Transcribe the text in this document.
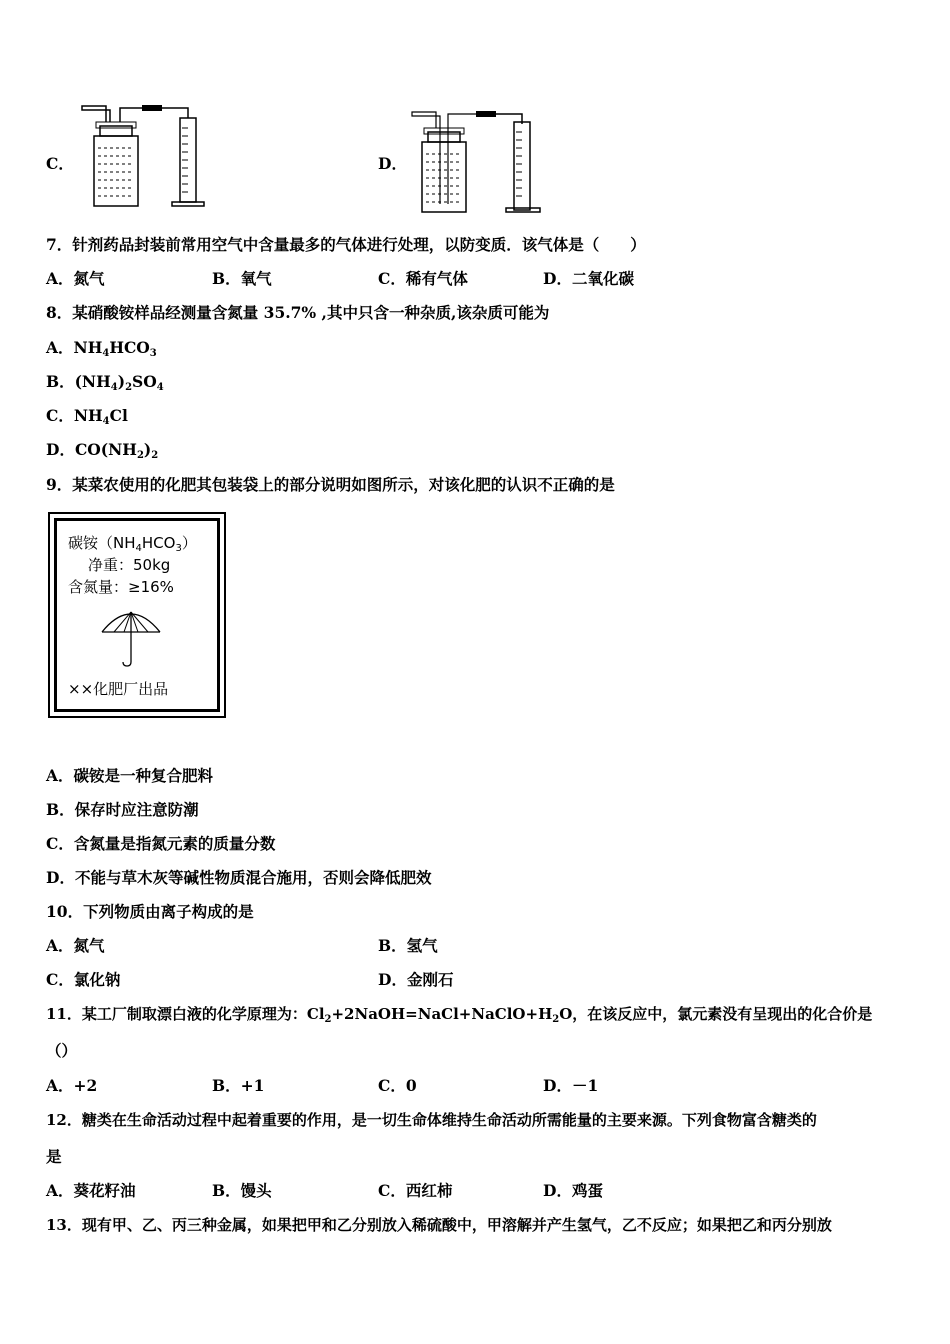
C．	D．
7．针剂药品封装前常用空气中含量最多的气体进行处理，以防变质．该气体是（　　）
A．氮气	B．氧气	C．稀有气体	D．二氧化碳
8．某硝酸铵样品经测量含氮量 35.7% ,其中只含一种杂质,该杂质可能为
A．$NH_4HCO_3$
B．$(NH_4)_2SO_4$
C．$NH_4Cl$
D．$CO(NH_2)_2$
9．某菜农使用的化肥其包装袋上的部分说明如图所示，对该化肥的认识不正确的是
碳铵$(NH_4HCO_3)$
净重：50kg
含氮量：≥16%
××化肥厂出品
A．碳铵是一种复合肥料
B．保存时应注意防潮
C．含氮量是指氮元素的质量分数
D．不能与草木灰等碱性物质混合施用，否则会降低肥效
10．下列物质由离子构成的是
A．氮气	B．氢气
C．氯化钠	D．金刚石
11．某工厂制取漂白液的化学原理为：$Cl_2+2NaOH=NaCl+NaClO+H_2O$，在该反应中，氯元素没有呈现出的化合价是
（）
A．+2	B．+1	C．0	D．－1
12．糖类在生命活动过程中起着重要的作用，是一切生命体维持生命活动所需能量的主要来源。下列食物富含糖类的
是
A．葵花籽油	B．馒头	C．西红柿	D．鸡蛋
13．现有甲、乙、丙三种金属，如果把甲和乙分别放入稀硫酸中，甲溶解并产生氢气，乙不反应；如果把乙和丙分别放
